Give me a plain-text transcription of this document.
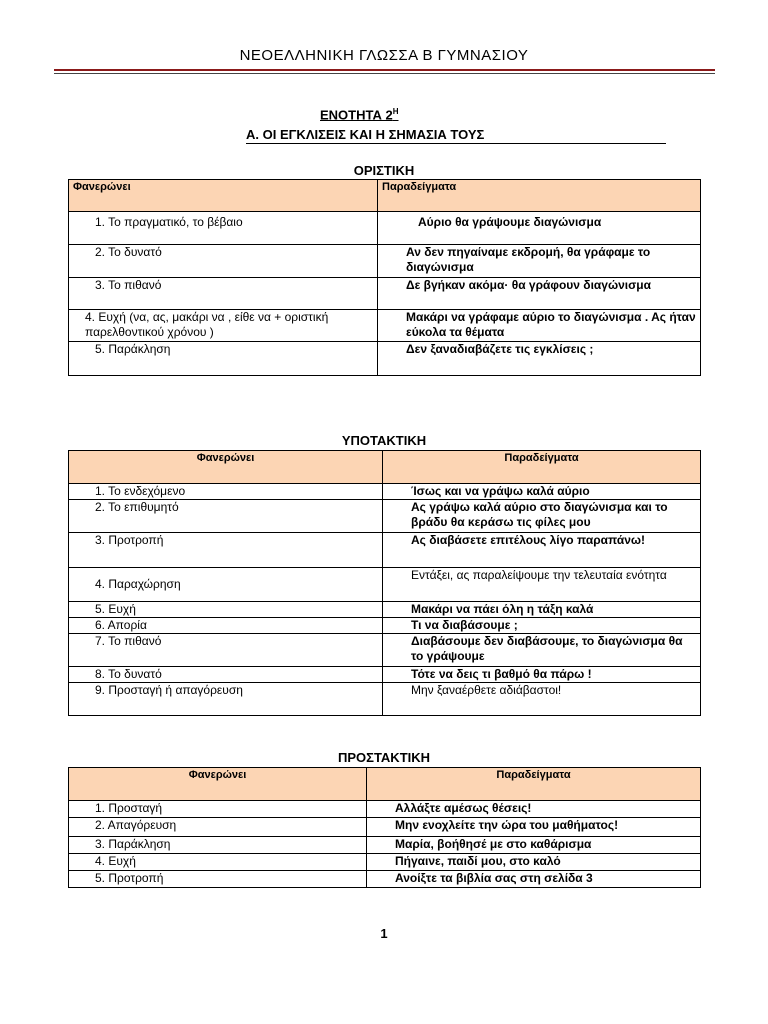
ΝΕΟΕΛΛΗΝΙΚΗ ΓΛΩΣΣΑ Β ΓΥΜΝΑΣΙΟΥ
ΕΝΟΤΗΤΑ $2^H$
Α. ΟΙ ΕΓΚΛΙΣΕΙΣ ΚΑΙ Η ΣΗΜΑΣΙΑ ΤΟΥΣ
ΟΡΙΣΤΙΚΗ
Φανερώνει	Παραδείγματα
1. Το πραγματικό, το βέβαιο	Αύριο θα γράψουμε διαγώνισμα
2. Το δυνατό	Αν δεν πηγαίναμε εκδρομή, θα γράφαμε το διαγώνισμα
3. Το πιθανό	Δε βγήκαν ακόμα· θα γράφουν διαγώνισμα
4. Ευχή (να, ας, μακάρι να , είθε να + οριστική παρελθοντικού χρόνου )	Μακάρι να γράφαμε αύριο το διαγώνισμα . Ας ήταν εύκολα τα θέματα
5. Παράκληση	Δεν ξαναδιαβάζετε τις εγκλίσεις ;
ΥΠΟΤΑΚΤΙΚΗ
Φανερώνει	Παραδείγματα
1. Το ενδεχόμενο	Ίσως και να γράψω καλά αύριο
2. Το επιθυμητό	Ας γράψω καλά αύριο στο διαγώνισμα και το βράδυ θα κεράσω τις φίλες μου
3. Προτροπή	Ας διαβάσετε επιτέλους λίγο παραπάνω!
4. Παραχώρηση	Εντάξει, ας παραλείψουμε την τελευταία ενότητα
5. Ευχή	Μακάρι να πάει όλη η τάξη καλά
6. Απορία	Τι να διαβάσουμε ;
7. Το πιθανό	Διαβάσουμε δεν διαβάσουμε, το διαγώνισμα θα το γράψουμε
8. Το δυνατό	Τότε να δεις τι βαθμό θα πάρω !
9. Προσταγή ή απαγόρευση	Μην ξαναέρθετε αδιάβαστοι!
ΠΡΟΣΤΑΚΤΙΚΗ
Φανερώνει	Παραδείγματα
1. Προσταγή	Αλλάξτε αμέσως θέσεις!
2. Απαγόρευση	Μην ενοχλείτε την ώρα του μαθήματος!
3. Παράκληση	Μαρία, βοήθησέ με στο καθάρισμα
4. Ευχή	Πήγαινε, παιδί μου, στο καλό
5. Προτροπή	Ανοίξτε τα βιβλία σας στη σελίδα 3
1
